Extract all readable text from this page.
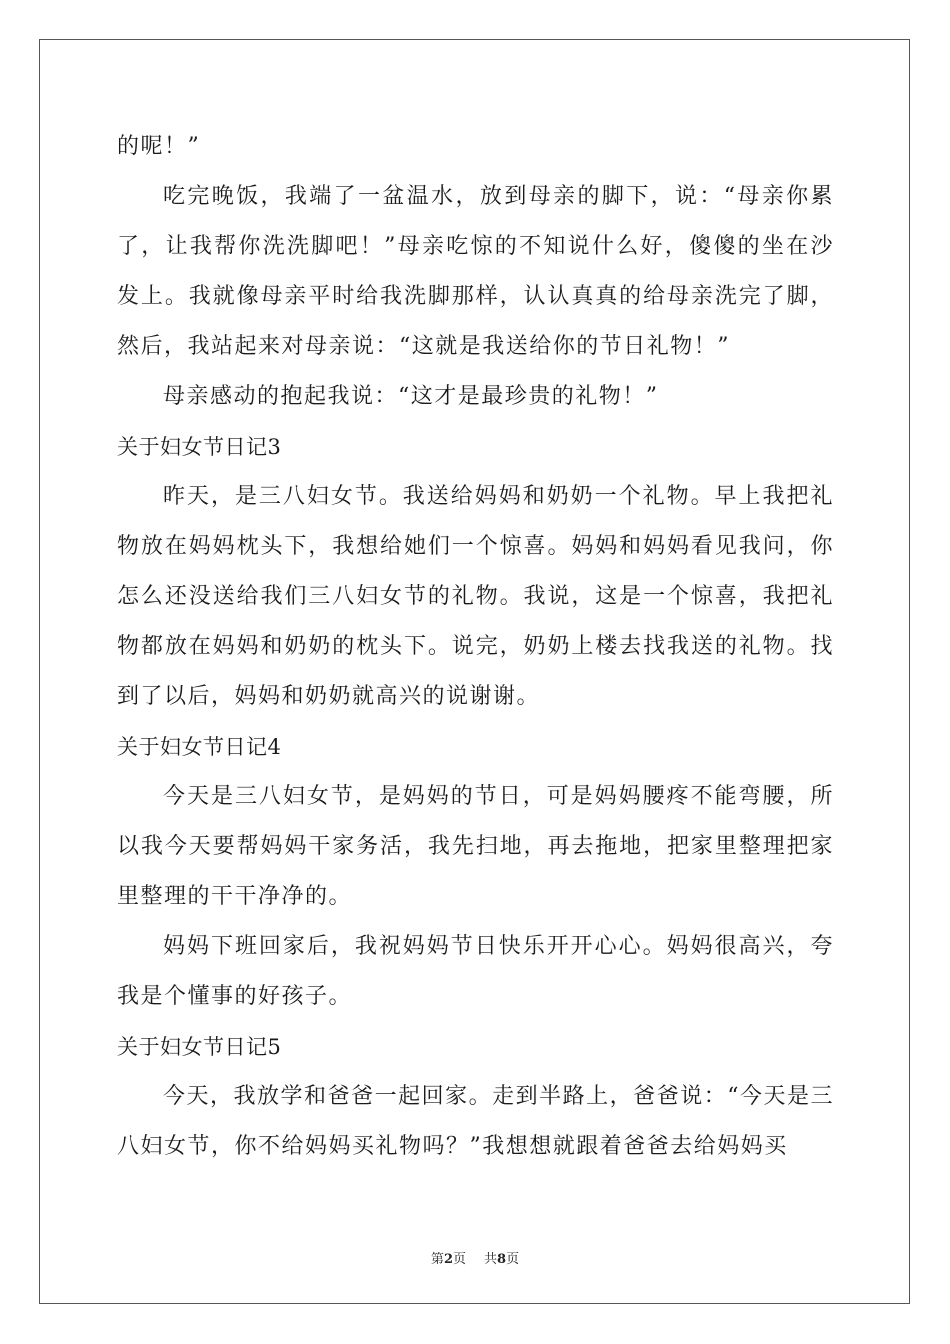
的呢！”

吃完晚饭，我端了一盆温水，放到母亲的脚下，说：“母亲你累了，让我帮你洗洗脚吧！”母亲吃惊的不知说什么好，傻傻的坐在沙发上。我就像母亲平时给我洗脚那样，认认真真的给母亲洗完了脚，然后，我站起来对母亲说：“这就是我送给你的节日礼物！”

母亲感动的抱起我说：“这才是最珍贵的礼物！”

关于妇女节日记3

昨天，是三八妇女节。我送给妈妈和奶奶一个礼物。早上我把礼物放在妈妈枕头下，我想给她们一个惊喜。妈妈和妈妈看见我问，你怎么还没送给我们三八妇女节的礼物。我说，这是一个惊喜，我把礼物都放在妈妈和奶奶的枕头下。说完，奶奶上楼去找我送的礼物。找到了以后，妈妈和奶奶就高兴的说谢谢。

关于妇女节日记4

今天是三八妇女节，是妈妈的节日，可是妈妈腰疼不能弯腰，所以我今天要帮妈妈干家务活，我先扫地，再去拖地，把家里整理把家里整理的干干净净的。

妈妈下班回家后，我祝妈妈节日快乐开开心心。妈妈很高兴，夸我是个懂事的好孩子。

关于妇女节日记5

今天，我放学和爸爸一起回家。走到半路上，爸爸说：“今天是三八妇女节，你不给妈妈买礼物吗？”我想想就跟着爸爸去给妈妈买

第2页 共8页
